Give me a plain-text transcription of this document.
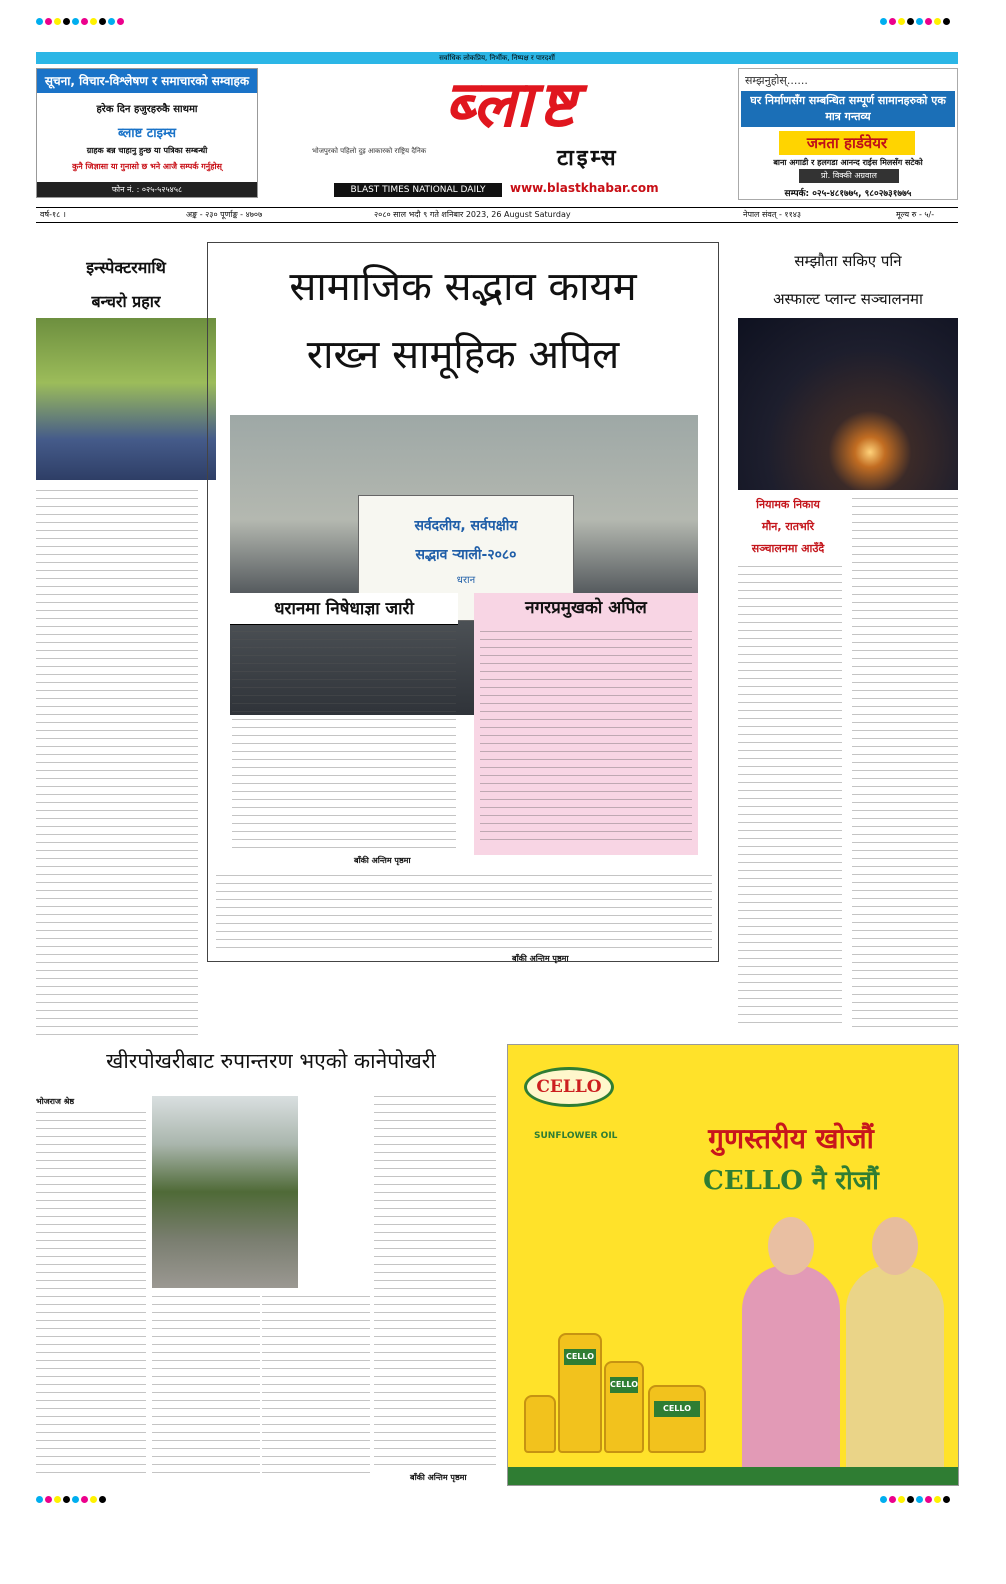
सर्वाधिक लोकप्रिय, निर्भीक, निष्पक्ष र पारदर्शी
सूचना, विचार-विश्लेषण र समाचारको सम्वाहक
हरेक दिन हजुरहरुकै साथमा
ब्लाष्ट टाइम्स
ग्राहक बन्न चाहानु हुन्छ या पत्रिका सम्बन्धी
कुनै जिज्ञासा या गुनासो छ भने आजै सम्पर्क गर्नुहोस्
फोन नं. : ०२५-५२५४५८
ब्लाष्ट
भोजपुरको पहिलो दुइ आकारको राष्ट्रिय दैनिक	टाइम्स
BLAST TIMES NATIONAL DAILY	www.blastkhabar.com
सम्झनुहोस्......
घर निर्माणसँग सम्बन्धित सम्पूर्ण सामानहरुको एक मात्र गन्तव्य
जनता हार्डवेयर
बाना अगाडी र हलगडा आनन्द राईस मिलसँग सटेको
प्रो. विक्की अग्रवाल
सम्पर्क: ०२५-४८१७७५, ९८०२७३१७७५
वर्ष-१८ ।	अङ्क - २३० पूर्णाङ्क - ४७०७	२०८० साल भदौ ९ गते शनिबार 2023, 26 August Saturday	नेपाल संवत् - ११४३	मूल्य रु - ५/-
इन्स्पेक्टरमाथि
बन्चरो प्रहार	सामाजिक सद्भाव कायम
राख्न सामूहिक अपिल
सर्वदलीय, सर्वपक्षीय
सद्भाव र्‍याली-२०८०
धरान
धरानमा निषेधाज्ञा जारी	नगरप्रमुखको अपिल
बाँकी अन्तिम पृष्ठमा
बाँकी अन्तिम पृष्ठमा
सम्झौता सकिए पनि
अस्फाल्ट प्लान्ट सञ्चालनमा
नियामक निकाय
मौन, रातभरि
सञ्चालनमा आउँदै
खीरपोखरीबाट रुपान्तरण भएको कानेपोखरी
भोजराज श्रेष्ठ
बाँकी अन्तिम पृष्ठमा
CELLO
SUNFLOWER OIL	गुणस्तरीय खोजौं
CELLO नै रोजौं
CELLO
CELLO
CELLO
